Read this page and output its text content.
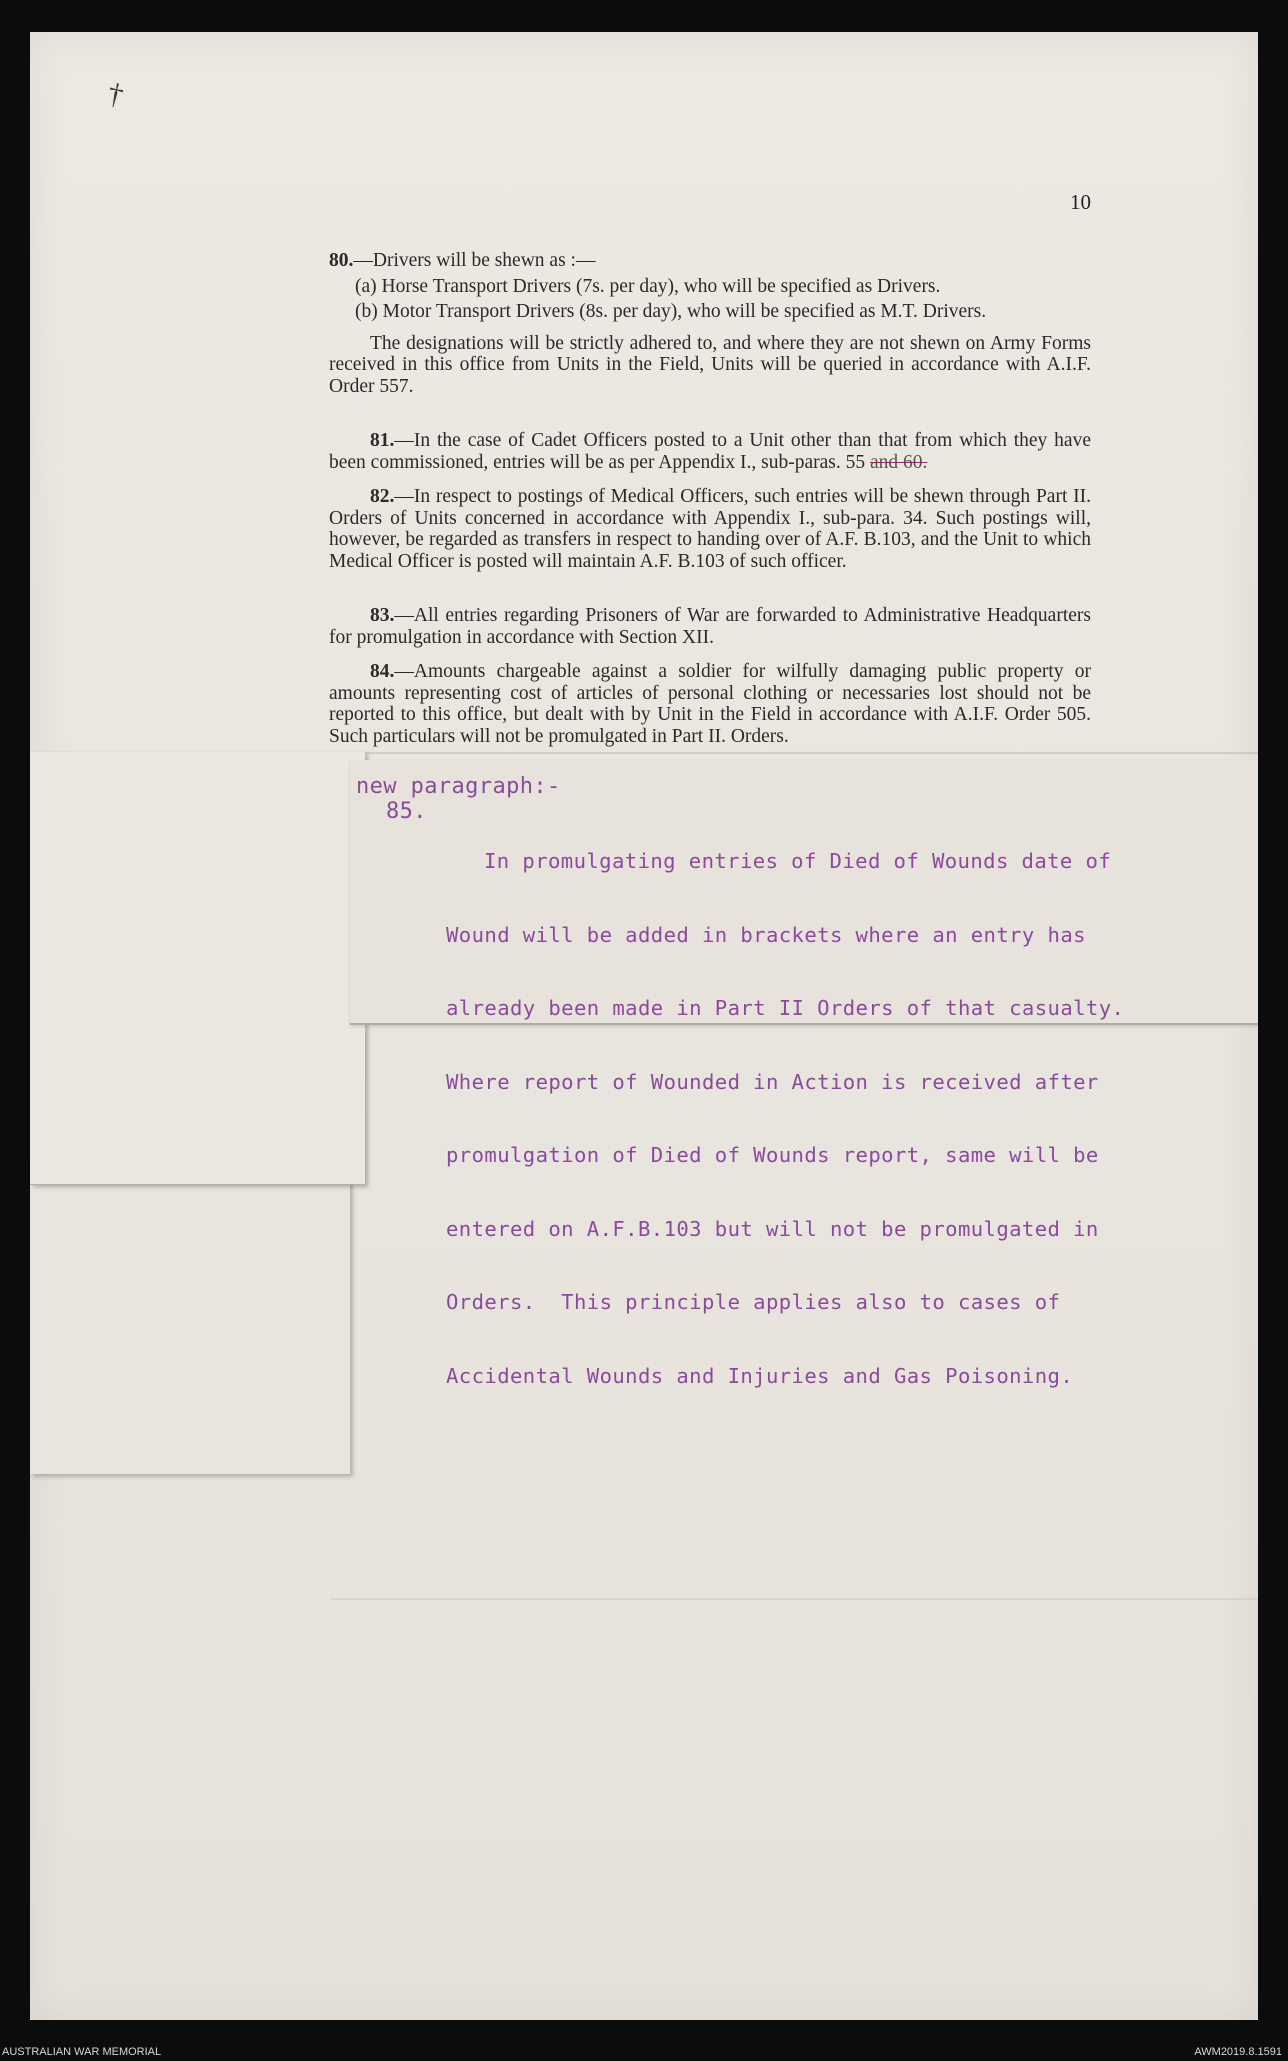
†
10

80.—Drivers will be shewn as :—

(a) Horse Transport Drivers (7s. per day), who will be specified as Drivers.

(b) Motor Transport Drivers (8s. per day), who will be specified as M.T. Drivers.

The designations will be strictly adhered to, and where they are not shewn on Army Forms received in this office from Units in the Field, Units will be queried in accordance with A.I.F. Order 557.

81.—In the case of Cadet Officers posted to a Unit other than that from which they have been commissioned, entries will be as per Appendix I., sub-paras. 55 and 60.
82.—In respect to postings of Medical Officers, such entries will be shewn through Part II. Orders of Units concerned in accordance with Appendix I., sub-para. 34. Such postings will, however, be regarded as transfers in respect to handing over of A.F. B.103, and the Unit to which Medical Officer is posted will maintain A.F. B.103 of such officer.
83.—All entries regarding Prisoners of War are forwarded to Administrative Headquarters for promulgation in accordance with Section XII.
84.—Amounts chargeable against a soldier for wilfully damaging public property or amounts representing cost of articles of personal clothing or necessaries lost should not be reported to this office, but dealt with by Unit in the Field in accordance with A.I.F. Order 505. Such particulars will not be promulgated in Part II. Orders.
new paragraph:-
85.

In promulgating entries of Died of Wounds date of

Wound will be added in brackets where an entry has

already been made in Part II Orders of that casualty.

Where report of Wounded in Action is received after

promulgation of Died of Wounds report, same will be

entered on A.F.B.103 but will not be promulgated in

Orders.  This principle applies also to cases of

Accidental Wounds and Injuries and Gas Poisoning.

AUSTRALIAN WAR MEMORIAL	AWM2019.8.1591
